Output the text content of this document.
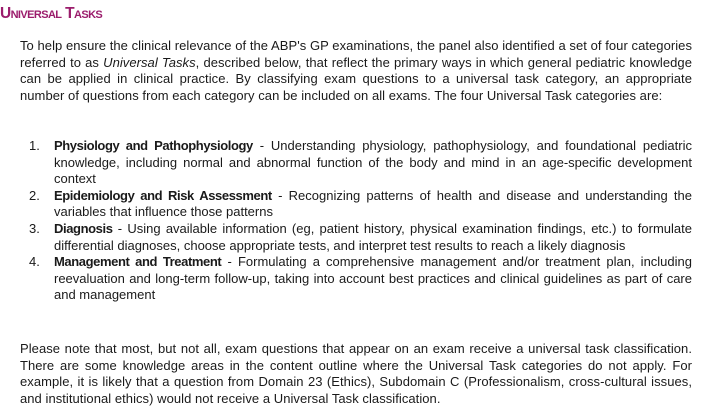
Universal Tasks

To help ensure the clinical relevance of the ABP's GP examinations, the panel also identified a set of four categories referred to as Universal Tasks, described below, that reflect the primary ways in which general pediatric knowledge can be applied in clinical practice. By classifying exam questions to a universal task category, an appropriate number of questions from each category can be included on all exams. The four Universal Task categories are:

1. Physiology and Pathophysiology - Understanding physiology, pathophysiology, and foundational pediatric knowledge, including normal and abnormal function of the body and mind in an age-specific development context
2. Epidemiology and Risk Assessment - Recognizing patterns of health and disease and understanding the variables that influence those patterns
3. Diagnosis - Using available information (eg, patient history, physical examination findings, etc.) to formulate differential diagnoses, choose appropriate tests, and interpret test results to reach a likely diagnosis
4. Management and Treatment - Formulating a comprehensive management and/or treatment plan, including reevaluation and long-term follow-up, taking into account best practices and clinical guidelines as part of care and management

Please note that most, but not all, exam questions that appear on an exam receive a universal task classification. There are some knowledge areas in the content outline where the Universal Task categories do not apply. For example, it is likely that a question from Domain 23 (Ethics), Subdomain C (Professionalism, cross-cultural issues, and institutional ethics) would not receive a Universal Task classification.
